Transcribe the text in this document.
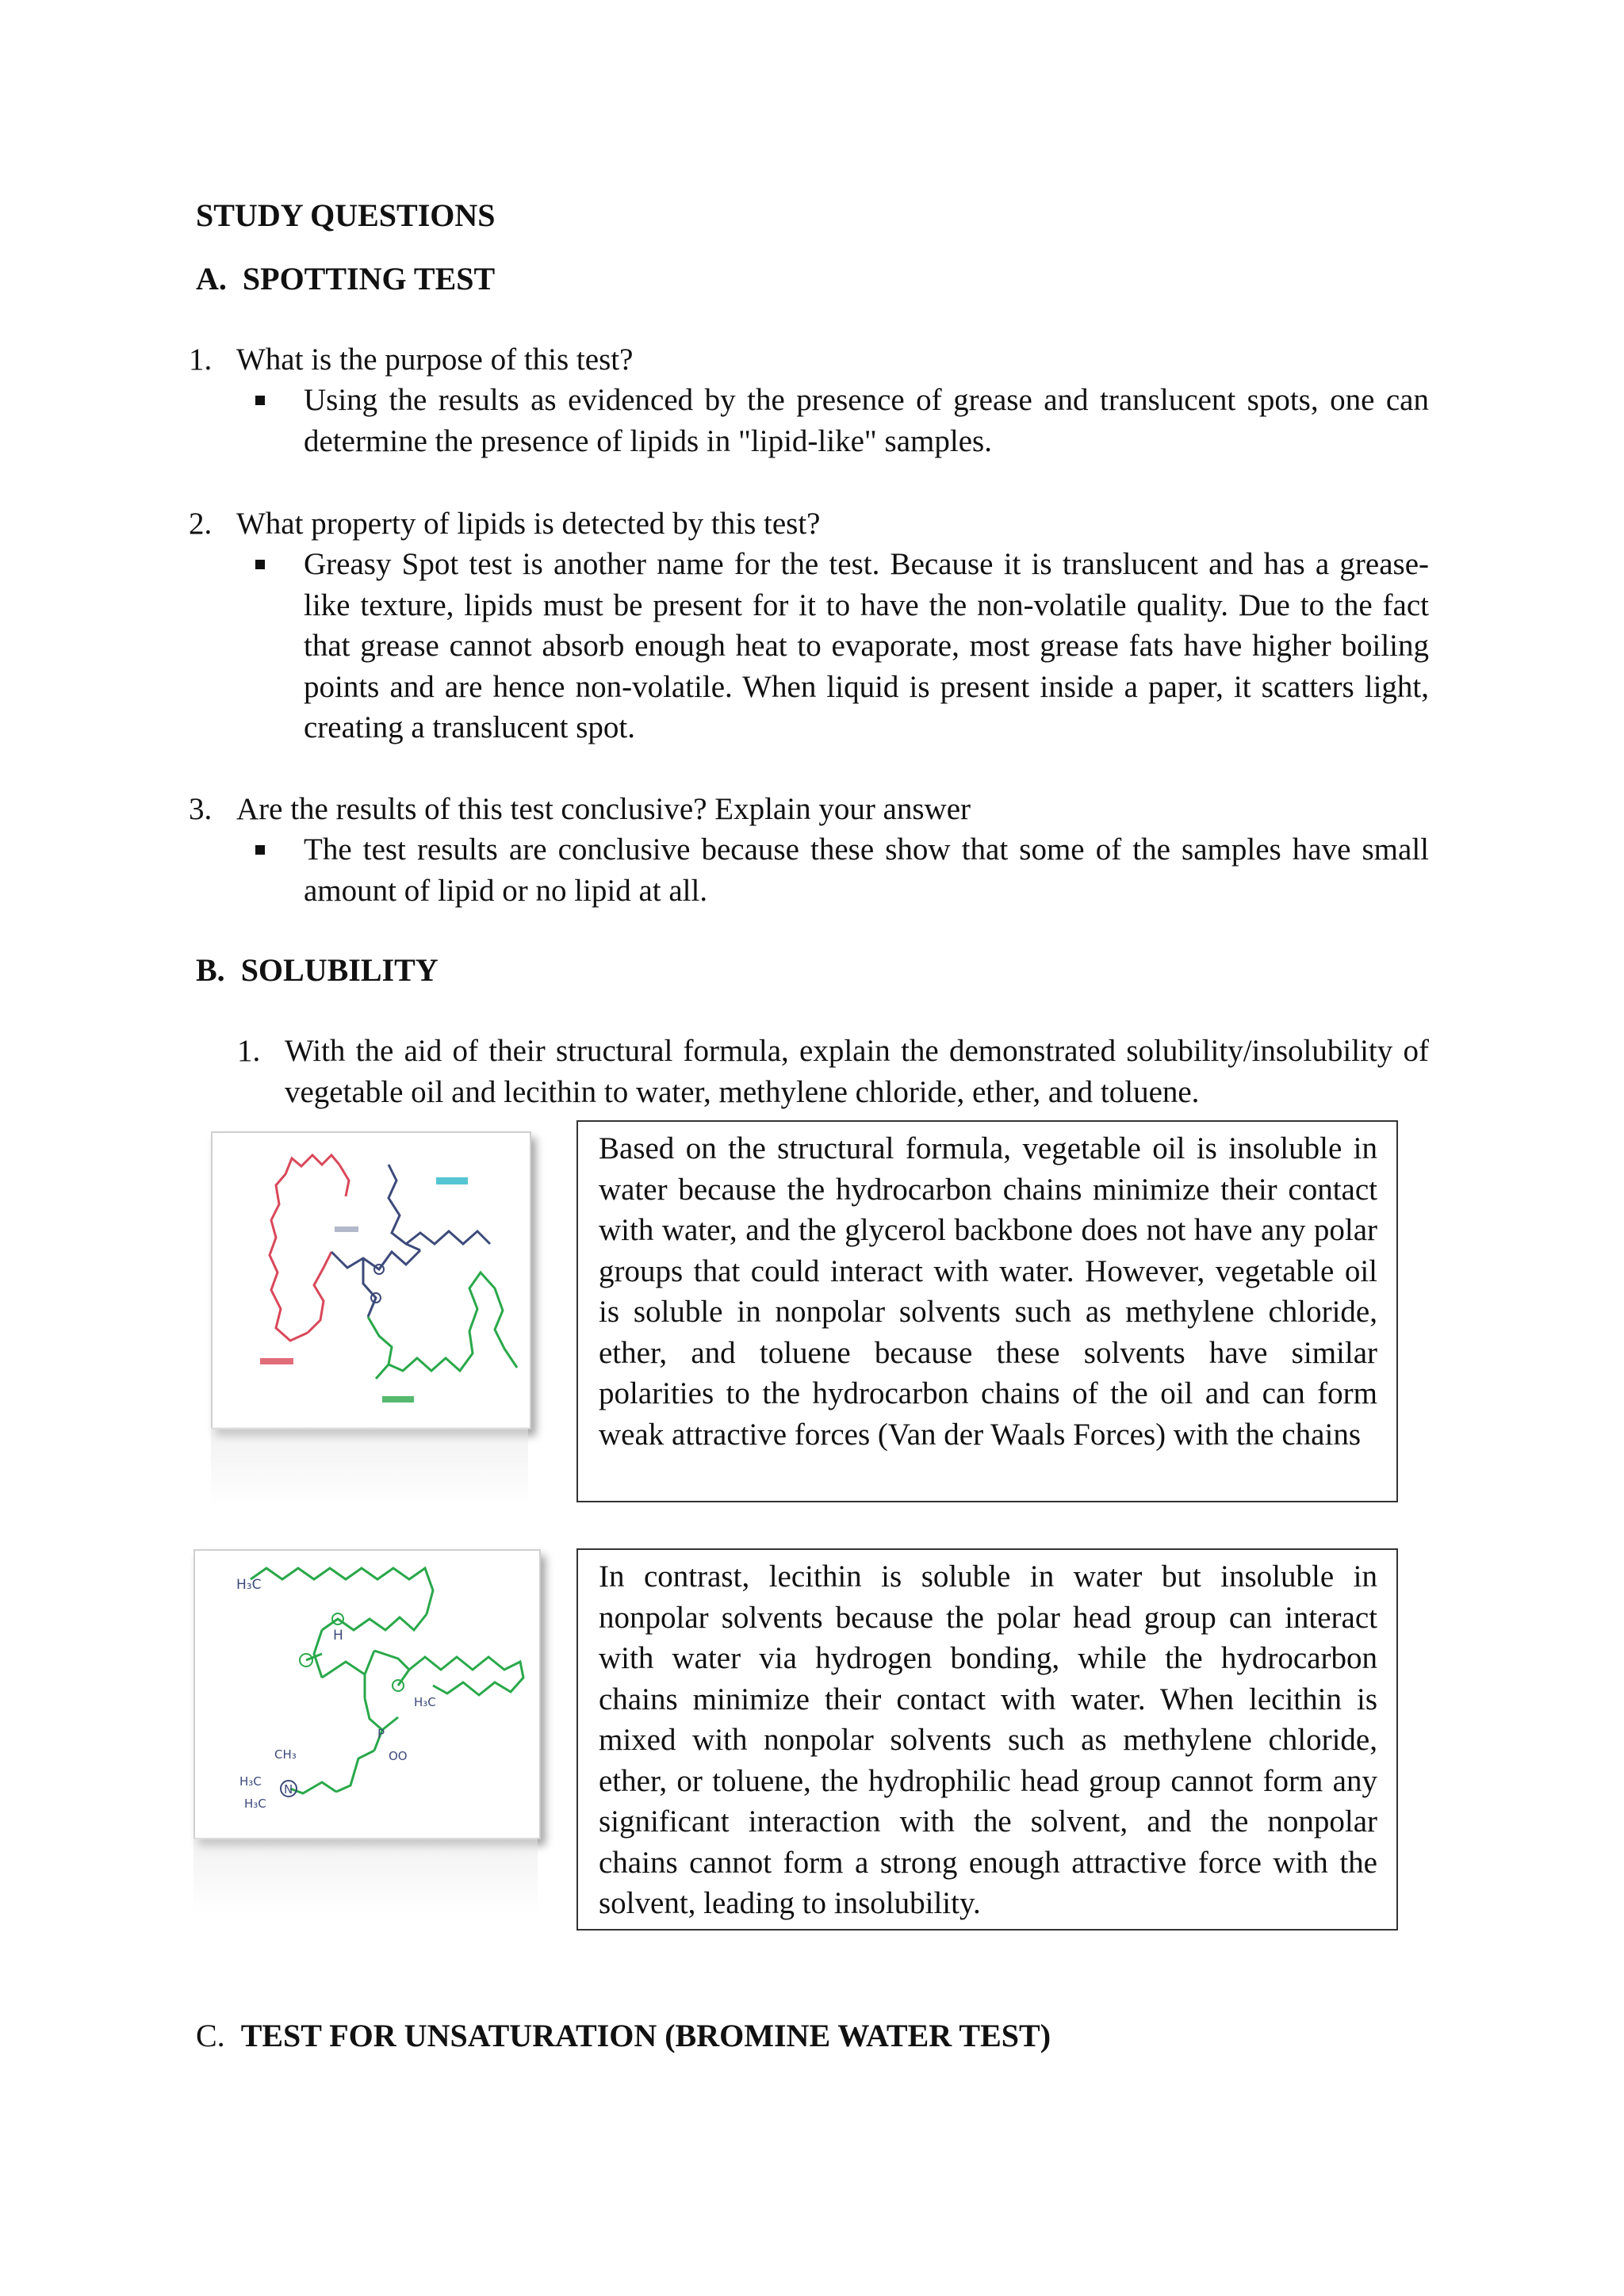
STUDY QUESTIONS
A. SPOTTING TEST
1. What is the purpose of this test?
Using the results as evidenced by the presence of grease and translucent spots, one can determine the presence of lipids in "lipid-like" samples.
2. What property of lipids is detected by this test?
Greasy Spot test is another name for the test. Because it is translucent and has a grease-like texture, lipids must be present for it to have the non-volatile quality. Due to the fact that grease cannot absorb enough heat to evaporate, most grease fats have higher boiling points and are hence non-volatile. When liquid is present inside a paper, it scatters light, creating a translucent spot.
3. Are the results of this test conclusive? Explain your answer
The test results are conclusive because these show that some of the samples have small amount of lipid or no lipid at all.
B. SOLUBILITY
1. With the aid of their structural formula, explain the demonstrated solubility/insolubility of vegetable oil and lecithin to water, methylene chloride, ether, and toluene.
Based on the structural formula, vegetable oil is insoluble in water because the hydrocarbon chains minimize their contact with water, and the glycerol backbone does not have any polar groups that could interact with water. However, vegetable oil is soluble in nonpolar solvents such as methylene chloride, ether, and toluene because these solvents have similar polarities to the hydrocarbon chains of the oil and can form weak attractive forces (Van der Waals Forces) with the chains
H₃C
H
H₃C
CH₃
H₃C
N
H₃C
P
OO
In contrast, lecithin is soluble in water but insoluble in nonpolar solvents because the polar head group can interact with water via hydrogen bonding, while the hydrocarbon chains minimize their contact with water. When lecithin is mixed with nonpolar solvents such as methylene chloride, ether, or toluene, the hydrophilic head group cannot form any significant interaction with the solvent, and the nonpolar chains cannot form a strong enough attractive force with the solvent, leading to insolubility.
C. TEST FOR UNSATURATION (BROMINE WATER TEST)
